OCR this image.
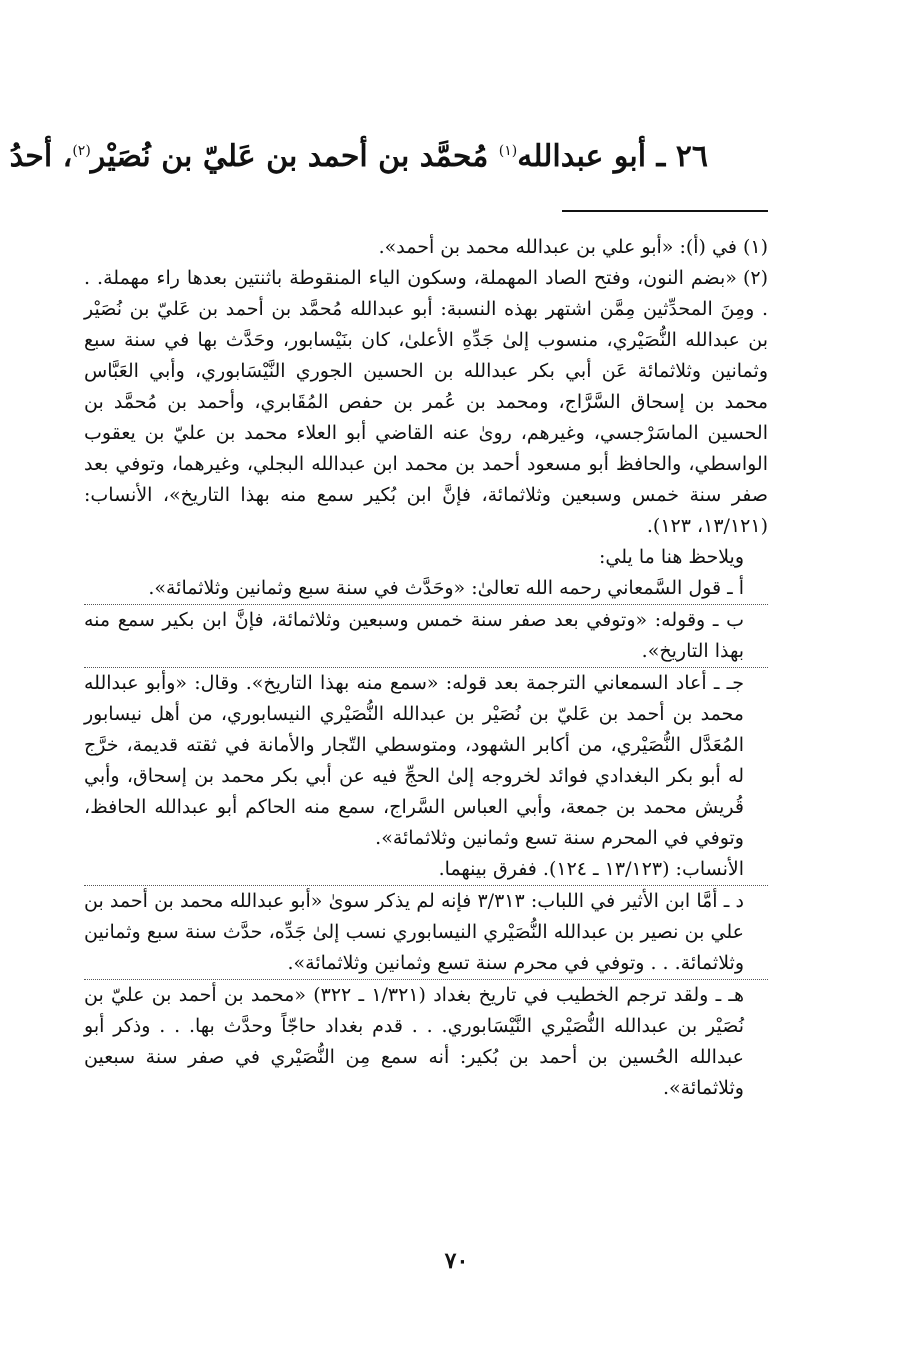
٢٦ ـ أبو عبدالله$^{(١)}$ مُحمَّد بن أحمد بن عَليّ بن نُصَيْر$^{(٢)}$، أحدُ

(١)في (أ): «أبو علي بن عبدالله محمد بن أحمد».

(٢)«بضم النون، وفتح الصاد المهملة، وسكون الياء المنقوطة باثنتين بعدها راء مهملة. . . ومِنَ المحدِّثين مِمَّن اشتهر بهذه النسبة: أبو عبدالله مُحمَّد بن أحمد بن عَليّ بن نُصَيْر بن عبدالله النُّصَيْري، منسوب إلىٰ جَدِّهِ الأعلىٰ، كان بنَيْسابور، وحَدَّث بها في سنة سبع وثمانين وثلاثمائة عَن أبي بكر عبدالله بن الحسين الجوري النَّيْسَابوري، وأبي العَبَّاس محمد بن إسحاق السَّرَّاج، ومحمد بن عُمر بن حفص المُقَابري، وأحمد بن مُحمَّد بن الحسين الماسَرْجسي، وغيرهم، روىٰ عنه القاضي أبو العلاء محمد بن عليّ بن يعقوب الواسطي، والحافظ أبو مسعود أحمد بن محمد ابن عبدالله البجلي، وغيرهما، وتوفي بعد صفر سنة خمس وسبعين وثلاثمائة، فإنَّ ابن بُكير سمع منه بهذا التاريخ»، الأنساب: (١٣/١٢١، ١٢٣).

ويلاحظ هنا ما يلي:

أ ـ قول السَّمعاني رحمه الله تعالىٰ: «وحَدَّث في سنة سبع وثمانين وثلاثمائة».

ب ـ وقوله: «وتوفي بعد صفر سنة خمس وسبعين وثلاثمائة، فإنَّ ابن بكير سمع منه بهذا التاريخ».

جـ ـ أعاد السمعاني الترجمة بعد قوله: «سمع منه بهذا التاريخ». وقال: «وأبو عبدالله محمد بن أحمد بن عَليّ بن نُصَيْر بن عبدالله النُّصَيْري النيسابوري، من أهل نيسابور المُعَدَّل النُّصَيْري، من أكابر الشهود، ومتوسطي التّجار والأمانة في ثقته قديمة، خرَّج له أبو بكر البغدادي فوائد لخروجه إلىٰ الحجِّ فيه عن أبي بكر محمد بن إسحاق، وأبي قُريش محمد بن جمعة، وأبي العباس السَّراج، سمع منه الحاكم أبو عبدالله الحافظ، وتوفي في المحرم سنة تسع وثمانين وثلاثمائة».

الأنساب: (١٣/١٢٣ ـ ١٢٤). ففرق بينهما.

د ـ أمَّا ابن الأثير في اللباب: ٣/٣١٣ فإنه لم يذكر سوىٰ «أبو عبدالله محمد بن أحمد بن علي بن نصير بن عبدالله النُّصَيْري النيسابوري نسب إلىٰ جَدِّه، حدَّث سنة سبع وثمانين وثلاثمائة. . . وتوفي في محرم سنة تسع وثمانين وثلاثمائة».

هـ ـ ولقد ترجم الخطيب في تاريخ بغداد (١/٣٢١ ـ ٣٢٢) «محمد بن أحمد بن عليّ بن نُصَيْر بن عبدالله النُّصَيْري النَّيْسَابوري. . . قدم بغداد حاجّاً وحدَّث بها. . . وذكر أبو عبدالله الحُسين بن أحمد بن بُكير: أنه سمع مِن النُّصَيْري في صفر سنة سبعين وثلاثمائة».

٧٠
